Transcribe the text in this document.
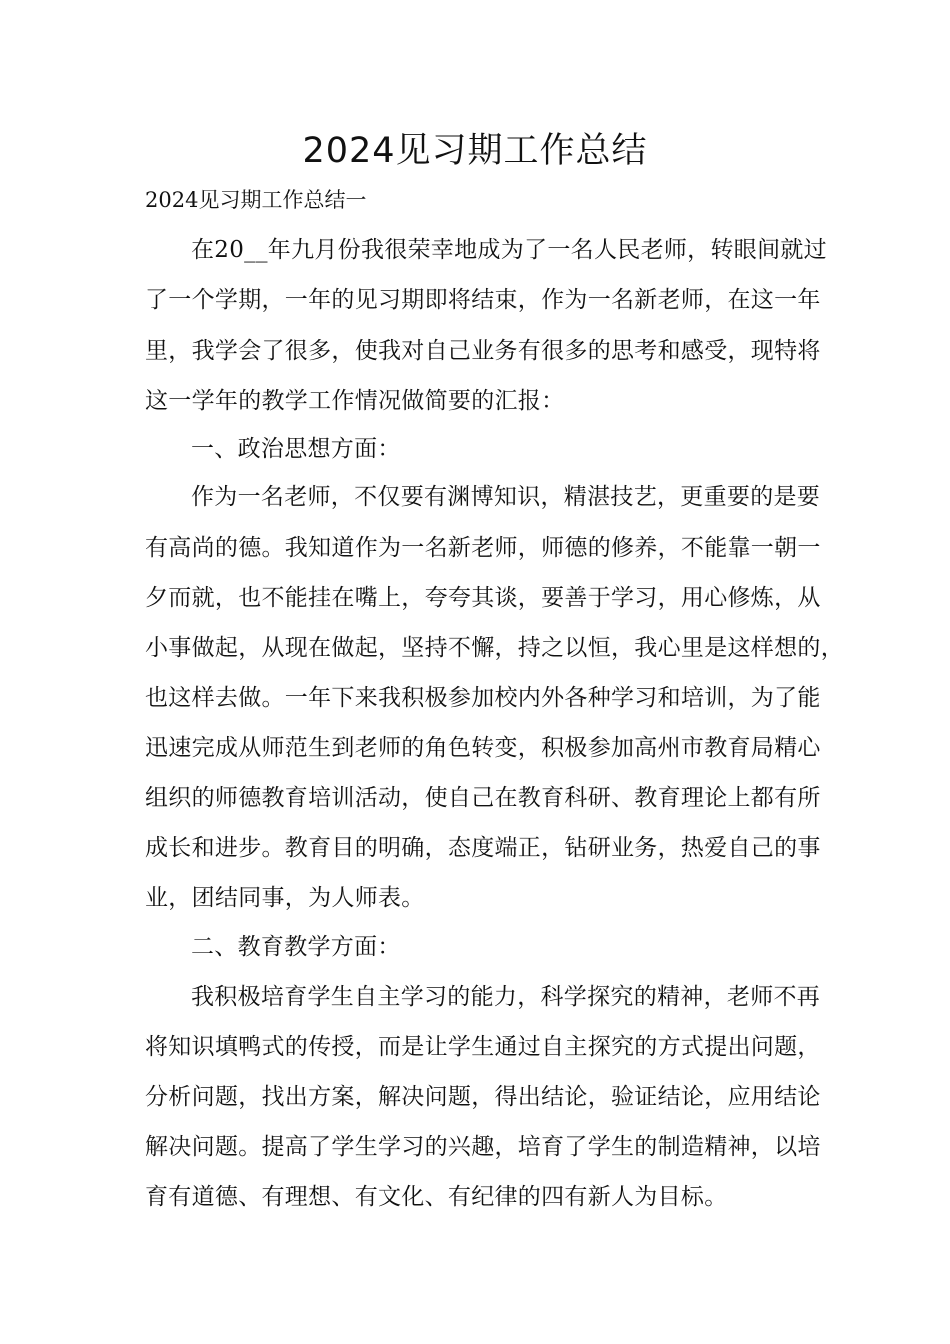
2024见习期工作总结
2024见习期工作总结一
在20__年九月份我很荣幸地成为了一名人民老师，转眼间就过
了一个学期，一年的见习期即将结束，作为一名新老师，在这一年
里，我学会了很多，使我对自己业务有很多的思考和感受，现特将
这一学年的教学工作情况做简要的汇报：
一、政治思想方面：
作为一名老师，不仅要有渊博知识，精湛技艺，更重要的是要
有高尚的德。我知道作为一名新老师，师德的修养，不能靠一朝一
夕而就，也不能挂在嘴上，夸夸其谈，要善于学习，用心修炼，从
小事做起，从现在做起，坚持不懈，持之以恒，我心里是这样想的，
也这样去做。一年下来我积极参加校内外各种学习和培训，为了能
迅速完成从师范生到老师的角色转变，积极参加高州市教育局精心
组织的师德教育培训活动，使自己在教育科研、教育理论上都有所
成长和进步。教育目的明确，态度端正，钻研业务，热爱自己的事
业，团结同事，为人师表。
二、教育教学方面：
我积极培育学生自主学习的能力，科学探究的精神，老师不再
将知识填鸭式的传授，而是让学生通过自主探究的方式提出问题，
分析问题，找出方案，解决问题，得出结论，验证结论，应用结论
解决问题。提高了学生学习的兴趣，培育了学生的制造精神，以培
育有道德、有理想、有文化、有纪律的四有新人为目标。
